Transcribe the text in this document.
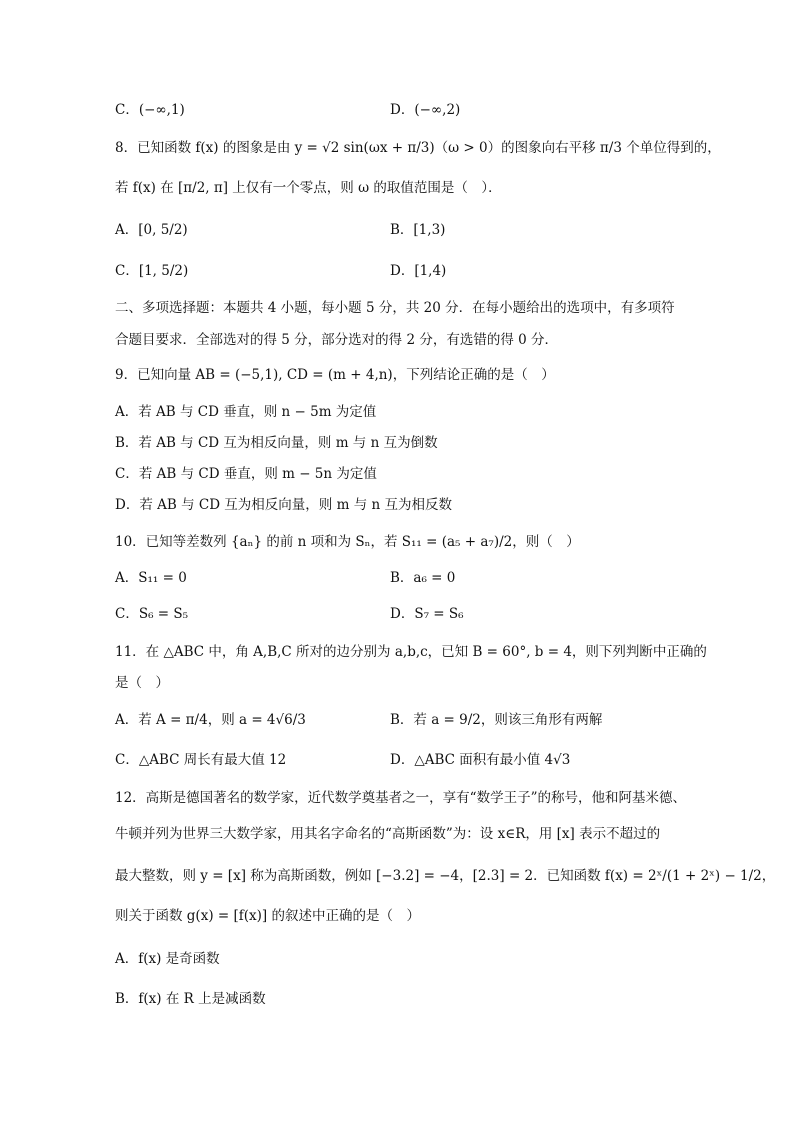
C．(−∞,1)	D．(−∞,2)
8．已知函数 f(x) 的图象是由 y = √2 sin(ωx + π/3)（ω > 0）的图象向右平移 π/3 个单位得到的，
若 f(x) 在 [π/2, π] 上仅有一个零点，则 ω 的取值范围是（　）．
A．[0, 5/2)	B．[1,3)
C．[1, 5/2)	D．[1,4)
二、多项选择题：本题共 4 小题，每小题 5 分，共 20 分．在每小题给出的选项中，有多项符
合题目要求．全部选对的得 5 分，部分选对的得 2 分，有选错的得 0 分．
9．已知向量 AB = (−5,1), CD = (m + 4,n)，下列结论正确的是（　）
A．若 AB 与 CD 垂直，则 n − 5m 为定值
B．若 AB 与 CD 互为相反向量，则 m 与 n 互为倒数
C．若 AB 与 CD 垂直，则 m − 5n 为定值
D．若 AB 与 CD 互为相反向量，则 m 与 n 互为相反数
10．已知等差数列 {aₙ} 的前 n 项和为 Sₙ，若 S₁₁ = (a₅ + a₇)/2，则（　）
A．S₁₁ = 0	B．a₆ = 0
C．S₆ = S₅	D．S₇ = S₆
11．在 △ABC 中，角 A,B,C 所对的边分别为 a,b,c，已知 B = 60°, b = 4，则下列判断中正确的
是（　）
A．若 A = π/4，则 a = 4√6/3	B．若 a = 9/2，则该三角形有两解
C．△ABC 周长有最大值 12	D．△ABC 面积有最小值 4√3
12．高斯是德国著名的数学家，近代数学奠基者之一，享有“数学王子”的称号，他和阿基米德、
牛顿并列为世界三大数学家，用其名字命名的“高斯函数”为：设 x∈R，用 [x] 表示不超过的
最大整数，则 y = [x] 称为高斯函数，例如 [−3.2] = −4，[2.3] = 2．已知函数 f(x) = 2ˣ/(1 + 2ˣ) − 1/2，
则关于函数 g(x) = [f(x)] 的叙述中正确的是（　）
A．f(x) 是奇函数
B．f(x) 在 R 上是减函数
